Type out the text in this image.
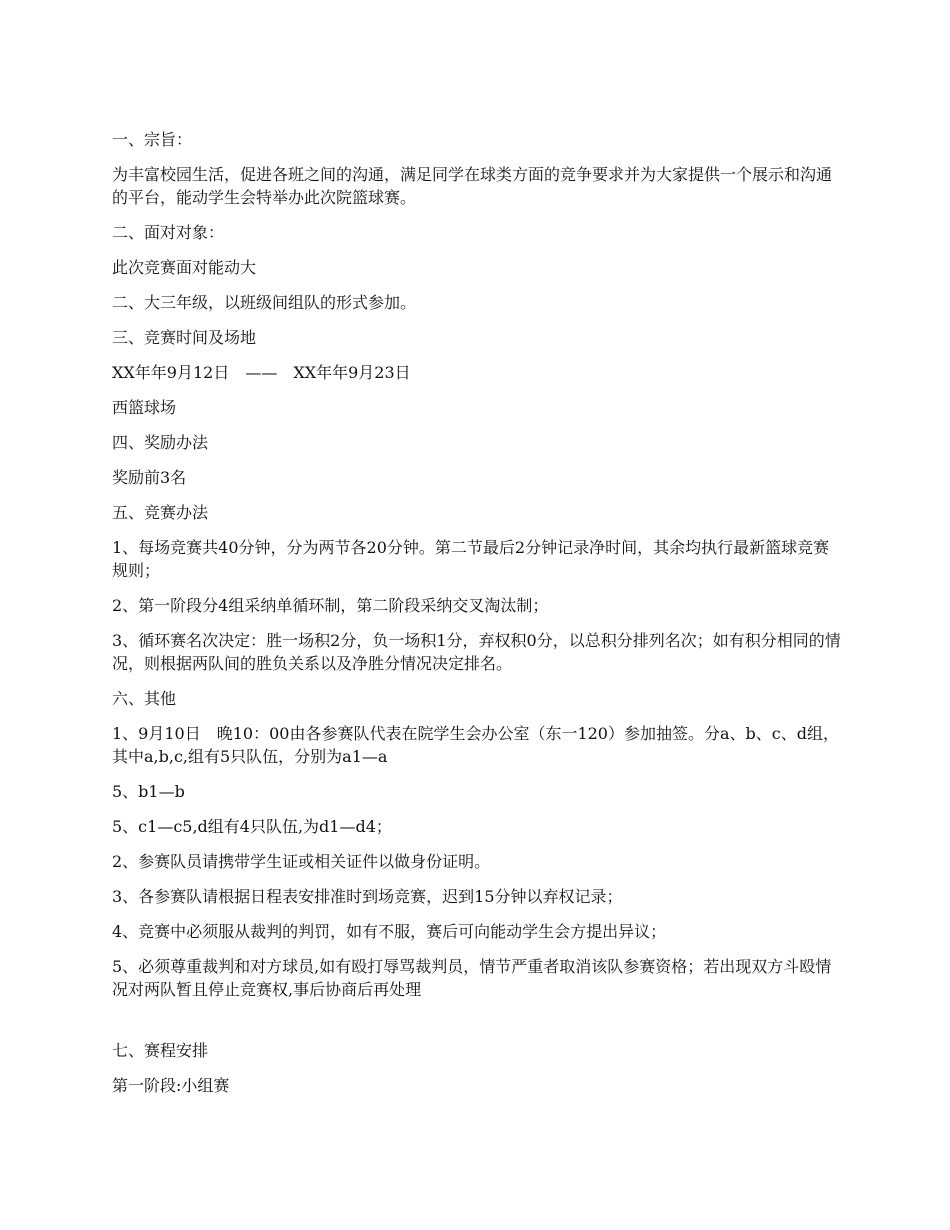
一、宗旨：

为丰富校园生活，促进各班之间的沟通，满足同学在球类方面的竞争要求并为大家提供一个展示和沟通的平台，能动学生会特举办此次院篮球赛。

二、面对对象：

此次竞赛面对能动大

二、大三年级，以班级间组队的形式参加。

三、竞赛时间及场地

XX年年9月12日　——　XX年年9月23日

西篮球场

四、奖励办法

奖励前3名

五、竞赛办法

1、每场竞赛共40分钟，分为两节各20分钟。第二节最后2分钟记录净时间，其余均执行最新篮球竞赛规则；

2、第一阶段分4组采纳单循环制，第二阶段采纳交叉淘汰制；

3、循环赛名次决定：胜一场积2分，负一场积1分，弃权积0分，以总积分排列名次；如有积分相同的情况，则根据两队间的胜负关系以及净胜分情况决定排名。

六、其他

1、9月10日　晚10：00由各参赛队代表在院学生会办公室（东一120）参加抽签。分a、b、c、d组，其中a,b,c,组有5只队伍，分别为a1—a

5、b1—b

5、c1—c5,d组有4只队伍,为d1—d4；

2、参赛队员请携带学生证或相关证件以做身份证明。

3、各参赛队请根据日程表安排准时到场竞赛，迟到15分钟以弃权记录；

4、竞赛中必须服从裁判的判罚，如有不服，赛后可向能动学生会方提出异议；

5、必须尊重裁判和对方球员,如有殴打辱骂裁判员，情节严重者取消该队参赛资格；若出现双方斗殴情况对两队暂且停止竞赛权,事后协商后再处理

七、赛程安排

第一阶段:小组赛
